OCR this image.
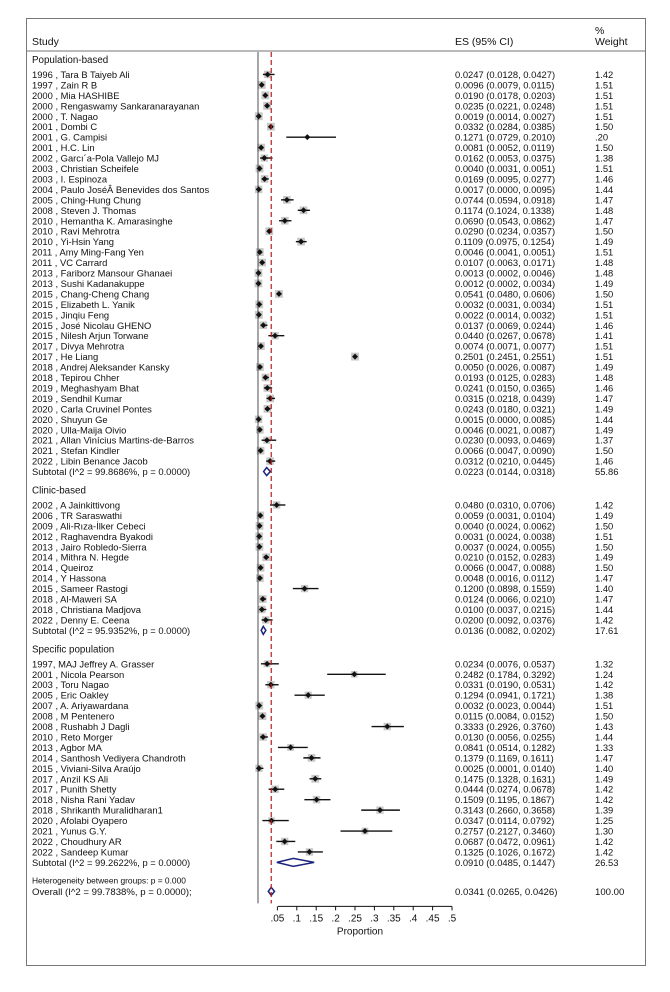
Study	ES (95% CI)
%
Weight
Population-based
1996 , Tara B Taiyeb Ali	0.0247 (0.0128, 0.0427)	1.42
1997 , Zain R B	0.0096 (0.0079, 0.0115)	1.51
2000 , Mia HASHIBE	0.0190 (0.0178, 0.0203)	1.51
2000 , Rengaswamy Sankaranarayanan	0.0235 (0.0221, 0.0248)	1.51
2000 , T. Nagao	0.0019 (0.0014, 0.0027)	1.51
2001 , Dombi C	0.0332 (0.0284, 0.0385)	1.50
2001 , G. Campisi	0.1271 (0.0729, 0.2010)	.20
2001 , H.C. Lin	0.0081 (0.0052, 0.0119)	1.50
2002 , Garcı´a-Pola Vallejo MJ	0.0162 (0.0053, 0.0375)	1.38
2003 , Christian Scheifele	0.0040 (0.0031, 0.0051)	1.51
2003 , I. Espinoza	0.0169 (0.0095, 0.0277)	1.46
2004 , Paulo JoséÂ Benevides dos Santos	0.0017 (0.0000, 0.0095)	1.44
2005 , Ching-Hung Chung	0.0744 (0.0594, 0.0918)	1.47
2008 , Steven J. Thomas	0.1174 (0.1024, 0.1338)	1.48
2010 , Hemantha K. Amarasinghe	0.0690 (0.0543, 0.0862)	1.47
2010 , Ravi Mehrotra	0.0290 (0.0234, 0.0357)	1.50
2010 , Yi-Hsin Yang	0.1109 (0.0975, 0.1254)	1.49
2011 , Amy Ming-Fang Yen	0.0046 (0.0041, 0.0051)	1.51
2011 , VC Carrard	0.0107 (0.0063, 0.0171)	1.48
2013 , Fariborz Mansour Ghanaei	0.0013 (0.0002, 0.0046)	1.48
2013 , Sushi Kadanakuppe	0.0012 (0.0002, 0.0034)	1.49
2015 , Chang-Cheng Chang	0.0541 (0.0480, 0.0606)	1.50
2015 , Elizabeth L. Yanik	0.0032 (0.0031, 0.0034)	1.51
2015 , Jinqiu Feng	0.0022 (0.0014, 0.0032)	1.51
2015 , José Nicolau GHENO	0.0137 (0.0069, 0.0244)	1.46
2015 , Nilesh Arjun Torwane	0.0440 (0.0267, 0.0678)	1.41
2017 , Divya Mehrotra	0.0074 (0.0071, 0.0077)	1.51
2017 , He Liang	0.2501 (0.2451, 0.2551)	1.51
2018 , Andrej Aleksander Kansky	0.0050 (0.0026, 0.0087)	1.49
2018 , Tepirou Chher	0.0193 (0.0125, 0.0283)	1.48
2019 , Meghashyam Bhat	0.0241 (0.0150, 0.0365)	1.46
2019 , Sendhil Kumar	0.0315 (0.0218, 0.0439)	1.47
2020 , Carla Cruvinel Pontes	0.0243 (0.0180, 0.0321)	1.49
2020 , Shuyun Ge	0.0015 (0.0000, 0.0085)	1.44
2020 , Ulla-Maija Oivio	0.0046 (0.0021, 0.0087)	1.49
2021 , Allan Vinícius Martins-de-Barros	0.0230 (0.0093, 0.0469)	1.37
2021 , Stefan Kindler	0.0066 (0.0047, 0.0090)	1.50
2022 , Libin Benance Jacob	0.0312 (0.0210, 0.0445)	1.46
Subtotal (I^2 = 99.8686%, p = 0.0000)	0.0223 (0.0144, 0.0318)	55.86
Clinic-based
2002 , A Jainkittivong	0.0480 (0.0310, 0.0706)	1.42
2006 , TR Saraswathi	0.0059 (0.0031, 0.0104)	1.49
2009 , Ali-Rıza-İlker Cebeci	0.0040 (0.0024, 0.0062)	1.50
2012 , Raghavendra Byakodi	0.0031 (0.0024, 0.0038)	1.51
2013 , Jairo Robledo-Sierra	0.0037 (0.0024, 0.0055)	1.50
2014 , Mithra N. Hegde	0.0210 (0.0152, 0.0283)	1.49
2014 , Queiroz	0.0066 (0.0047, 0.0088)	1.50
2014 , Y Hassona	0.0048 (0.0016, 0.0112)	1.47
2015 , Sameer Rastogi	0.1200 (0.0898, 0.1559)	1.40
2018 , Al-Maweri SA	0.0124 (0.0066, 0.0210)	1.47
2018 , Christiana Madjova	0.0100 (0.0037, 0.0215)	1.44
2022 , Denny E. Ceena	0.0200 (0.0092, 0.0376)	1.42
Subtotal (I^2 = 95.9352%, p = 0.0000)	0.0136 (0.0082, 0.0202)	17.61
Specific population
1997, MAJ Jeffrey A. Grasser	0.0234 (0.0076, 0.0537)	1.32
2001 , Nicola Pearson	0.2482 (0.1784, 0.3292)	1.24
2003 , Toru Nagao	0.0331 (0.0190, 0.0531)	1.42
2005 , Eric Oakley	0.1294 (0.0941, 0.1721)	1.38
2007 , A. Ariyawardana	0.0032 (0.0023, 0.0044)	1.51
2008 , M Pentenero	0.0115 (0.0084, 0.0152)	1.50
2008 , Rushabh J Dagli	0.3333 (0.2926, 0.3760)	1.43
2010 , Reto Morger	0.0130 (0.0056, 0.0255)	1.44
2013 , Agbor MA	0.0841 (0.0514, 0.1282)	1.33
2014 , Santhosh Vediyera Chandroth	0.1379 (0.1169, 0.1611)	1.47
2015 , Viviani-Silva Araújo	0.0025 (0.0001, 0.0140)	1.40
2017 , Anzil KS Ali	0.1475 (0.1328, 0.1631)	1.49
2017 , Punith Shetty	0.0444 (0.0274, 0.0678)	1.42
2018 , Nisha Rani Yadav	0.1509 (0.1195, 0.1867)	1.42
2018 , Shrikanth Muralidharan1	0.3143 (0.2660, 0.3658)	1.39
2020 , Afolabi Oyapero	0.0347 (0.0114, 0.0792)	1.25
2021 , Yunus G.Y.	0.2757 (0.2127, 0.3460)	1.30
2022 , Choudhury AR	0.0687 (0.0472, 0.0961)	1.42
2022 , Sandeep Kumar	0.1325 (0.1026, 0.1672)	1.42
Subtotal (I^2 = 99.2622%, p = 0.0000)	0.0910 (0.0485, 0.1447)	26.53
Heterogeneity between groups: p = 0.000
Overall (I^2 = 99.7838%, p = 0.0000);	0.0341 (0.0265, 0.0426)	100.00
.05 .1 .15 .2 .25 .3 .35 .4 .45 .5
Proportion
